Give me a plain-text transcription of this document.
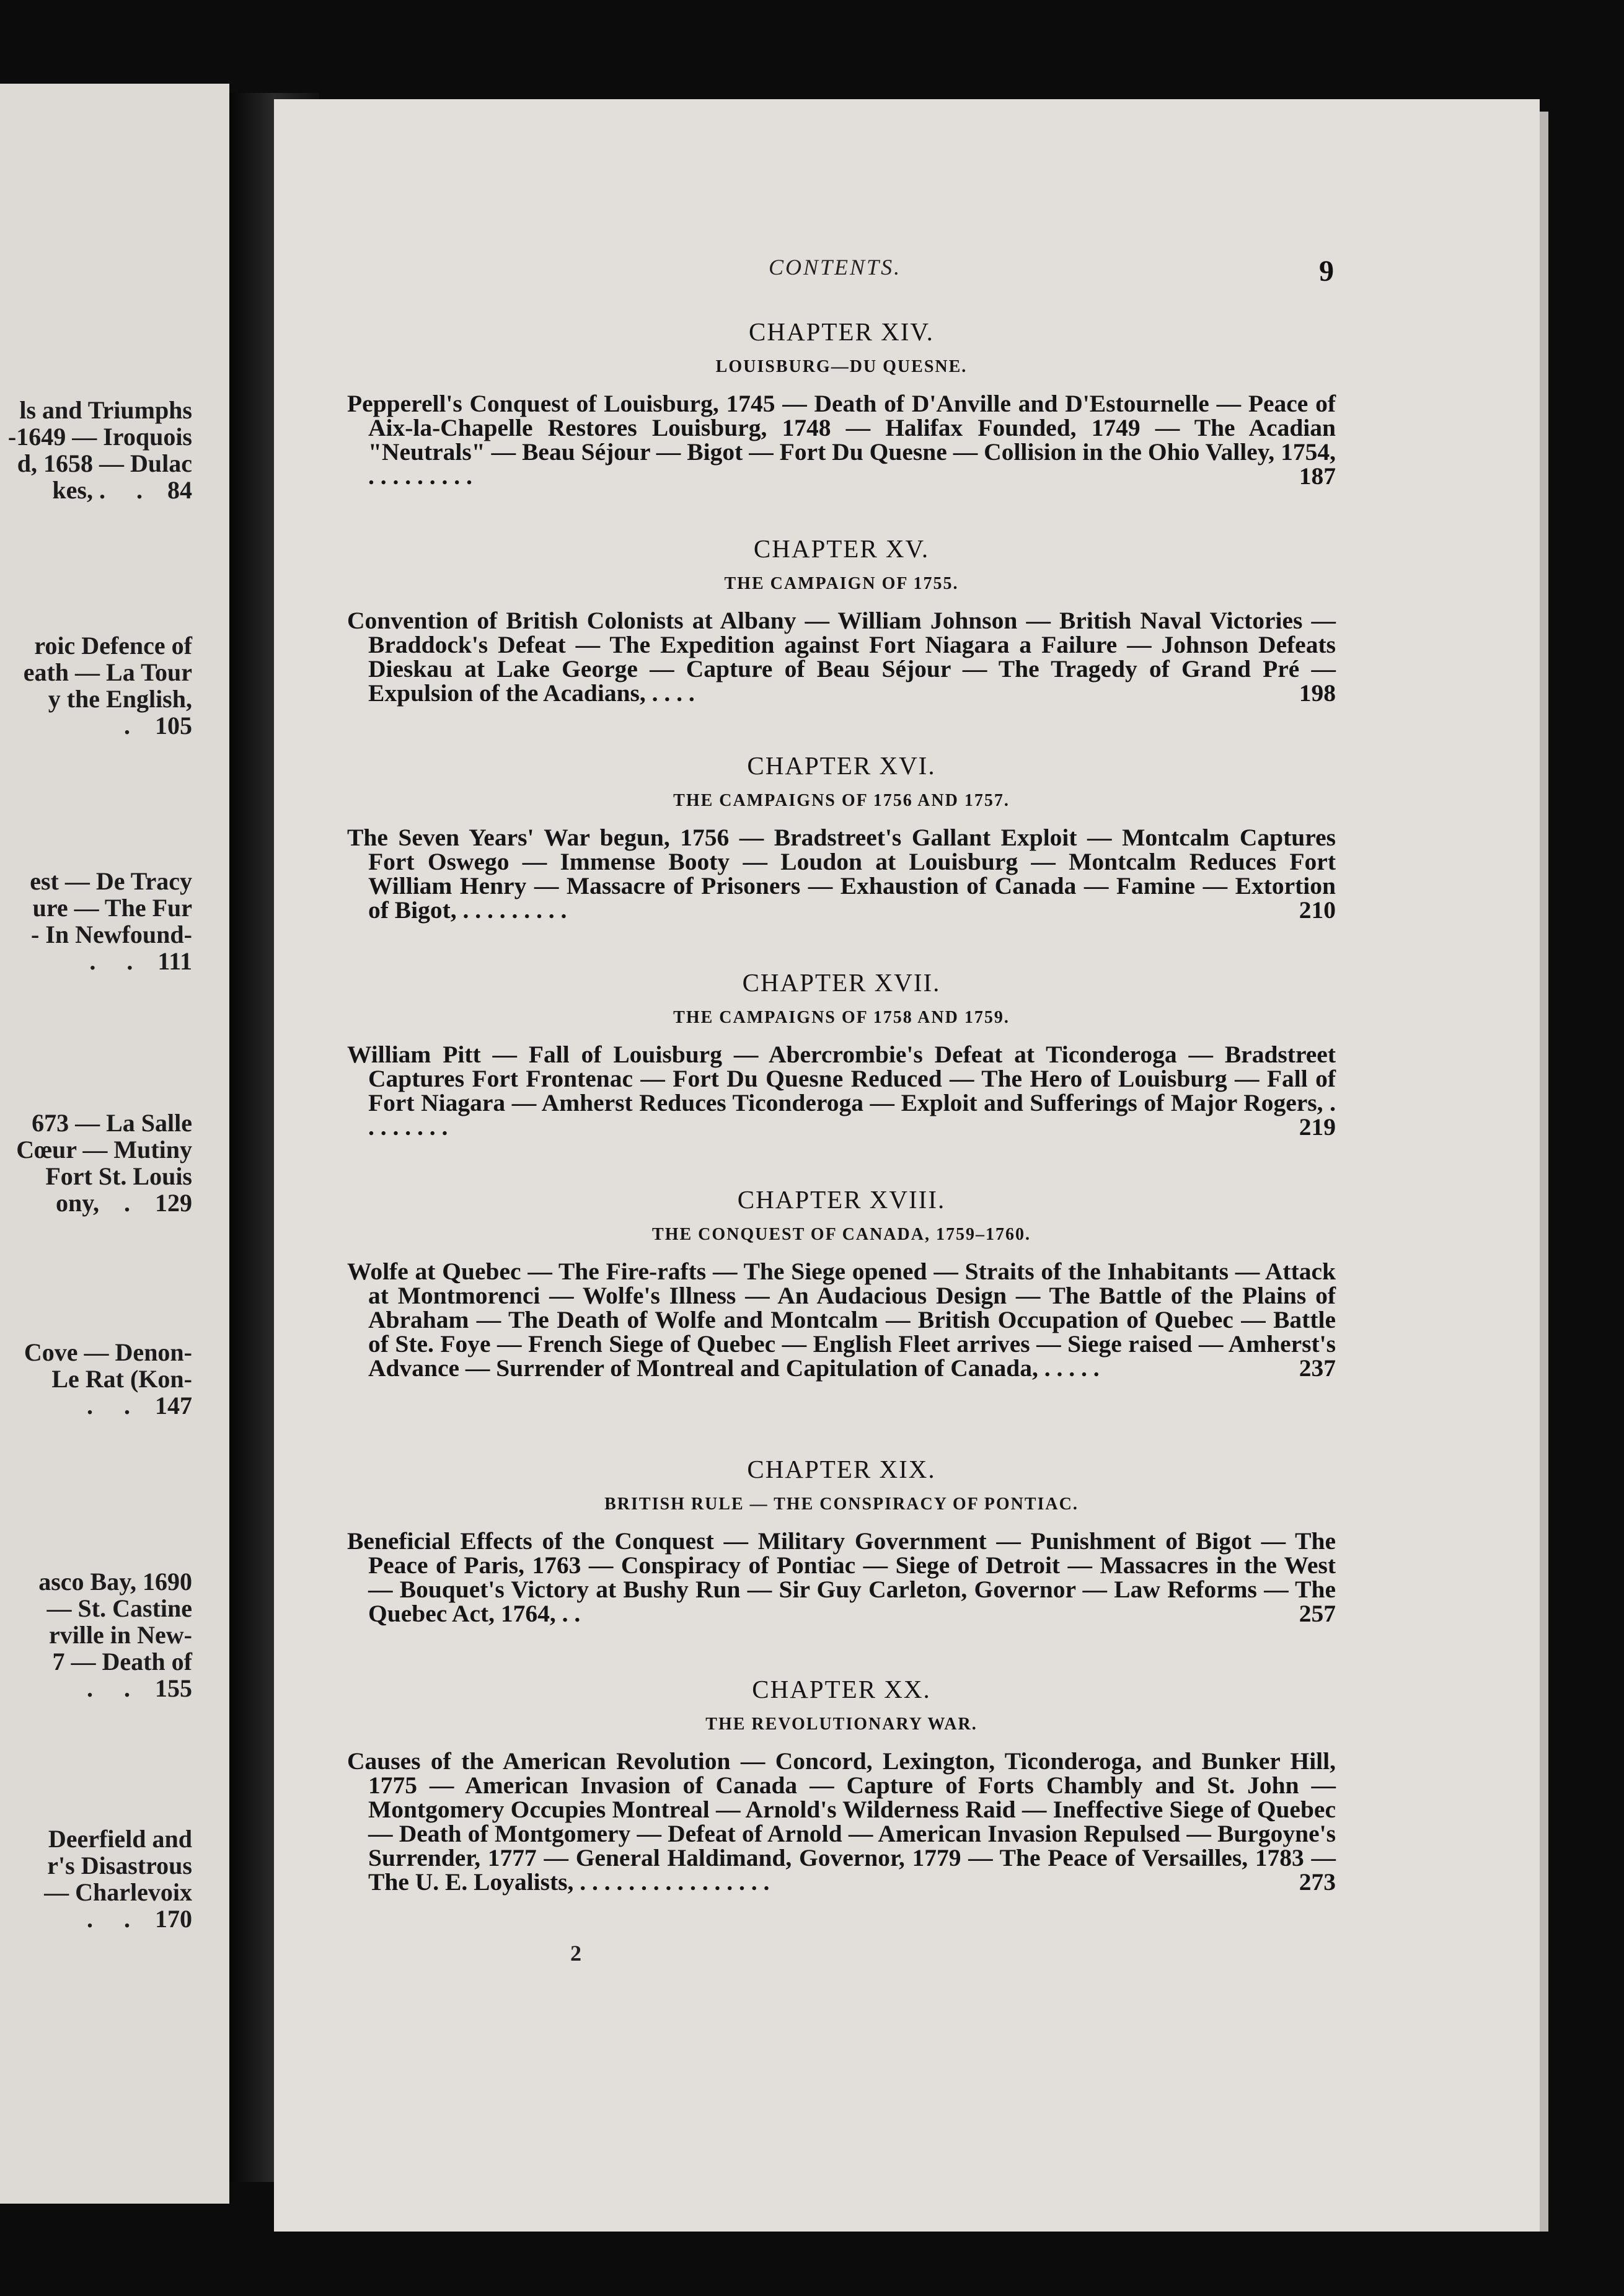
ls and Triumphs
-1649 — Iroquois
d, 1658 — Dulac
kes, .     .    84
roic Defence of
eath — La Tour
y the English,
.    105
est — De Tracy
ure — The Fur
- In Newfound-
.     .    111
673 — La Salle
Cœur — Mutiny
Fort St. Louis
ony,    .    129
Cove — Denon-
Le Rat (Kon-
.     .    147
asco Bay, 1690
— St. Castine
rville in New-
7 — Death of
.     .    155
Deerfield and
r's Disastrous
— Charlevoix
.     .    170
CONTENTS.	9
CHAPTER XIV.
LOUISBURG—DU QUESNE.
Pepperell's Conquest of Louisburg, 1745 — Death of D'Anville and D'Estournelle — Peace of Aix-la-Chapelle Restores Louisburg, 1748 — Halifax Founded, 1749 — The Acadian "Neutrals" — Beau Séjour — Bigot — Fort Du Quesne — Collision in the Ohio Valley, 1754, . . . . . . . . .	187
CHAPTER XV.
THE CAMPAIGN OF 1755.
Convention of British Colonists at Albany — William Johnson — British Naval Victories — Braddock's Defeat — The Expedition against Fort Niagara a Failure — Johnson Defeats Dieskau at Lake George — Capture of Beau Séjour — The Tragedy of Grand Pré — Expulsion of the Acadians, . . . .	198
CHAPTER XVI.
THE CAMPAIGNS OF 1756 AND 1757.
The Seven Years' War begun, 1756 — Bradstreet's Gallant Exploit — Montcalm Captures Fort Oswego — Immense Booty — Loudon at Louisburg — Montcalm Reduces Fort William Henry — Massacre of Prisoners — Exhaustion of Canada — Famine — Extortion of Bigot, . . . . . . . . .	210
CHAPTER XVII.
THE CAMPAIGNS OF 1758 AND 1759.
William Pitt — Fall of Louisburg — Abercrombie's Defeat at Ticonderoga — Bradstreet Captures Fort Frontenac — Fort Du Quesne Reduced — The Hero of Louisburg — Fall of Fort Niagara — Amherst Reduces Ticonderoga — Exploit and Sufferings of Major Rogers, . . . . . . . .	219
CHAPTER XVIII.
THE CONQUEST OF CANADA, 1759–1760.
Wolfe at Quebec — The Fire-rafts — The Siege opened — Straits of the Inhabitants — Attack at Montmorenci — Wolfe's Illness — An Audacious Design — The Battle of the Plains of Abraham — The Death of Wolfe and Montcalm — British Occupation of Quebec — Battle of Ste. Foye — French Siege of Quebec — English Fleet arrives — Siege raised — Amherst's Advance — Surrender of Montreal and Capitulation of Canada, . . . . .	237
CHAPTER XIX.
BRITISH RULE — THE CONSPIRACY OF PONTIAC.
Beneficial Effects of the Conquest — Military Government — Punishment of Bigot — The Peace of Paris, 1763 — Conspiracy of Pontiac — Siege of Detroit — Massacres in the West — Bouquet's Victory at Bushy Run — Sir Guy Carleton, Governor — Law Reforms — The Quebec Act, 1764, . .	257
CHAPTER XX.
THE REVOLUTIONARY WAR.
Causes of the American Revolution — Concord, Lexington, Ticonderoga, and Bunker Hill, 1775 — American Invasion of Canada — Capture of Forts Chambly and St. John — Montgomery Occupies Montreal — Arnold's Wilderness Raid — Ineffective Siege of Quebec — Death of Montgomery — Defeat of Arnold — American Invasion Repulsed — Burgoyne's Surrender, 1777 — General Haldimand, Governor, 1779 — The Peace of Versailles, 1783 — The U. E. Loyalists, . . . . . . . . . . . . . . . .	273
2
